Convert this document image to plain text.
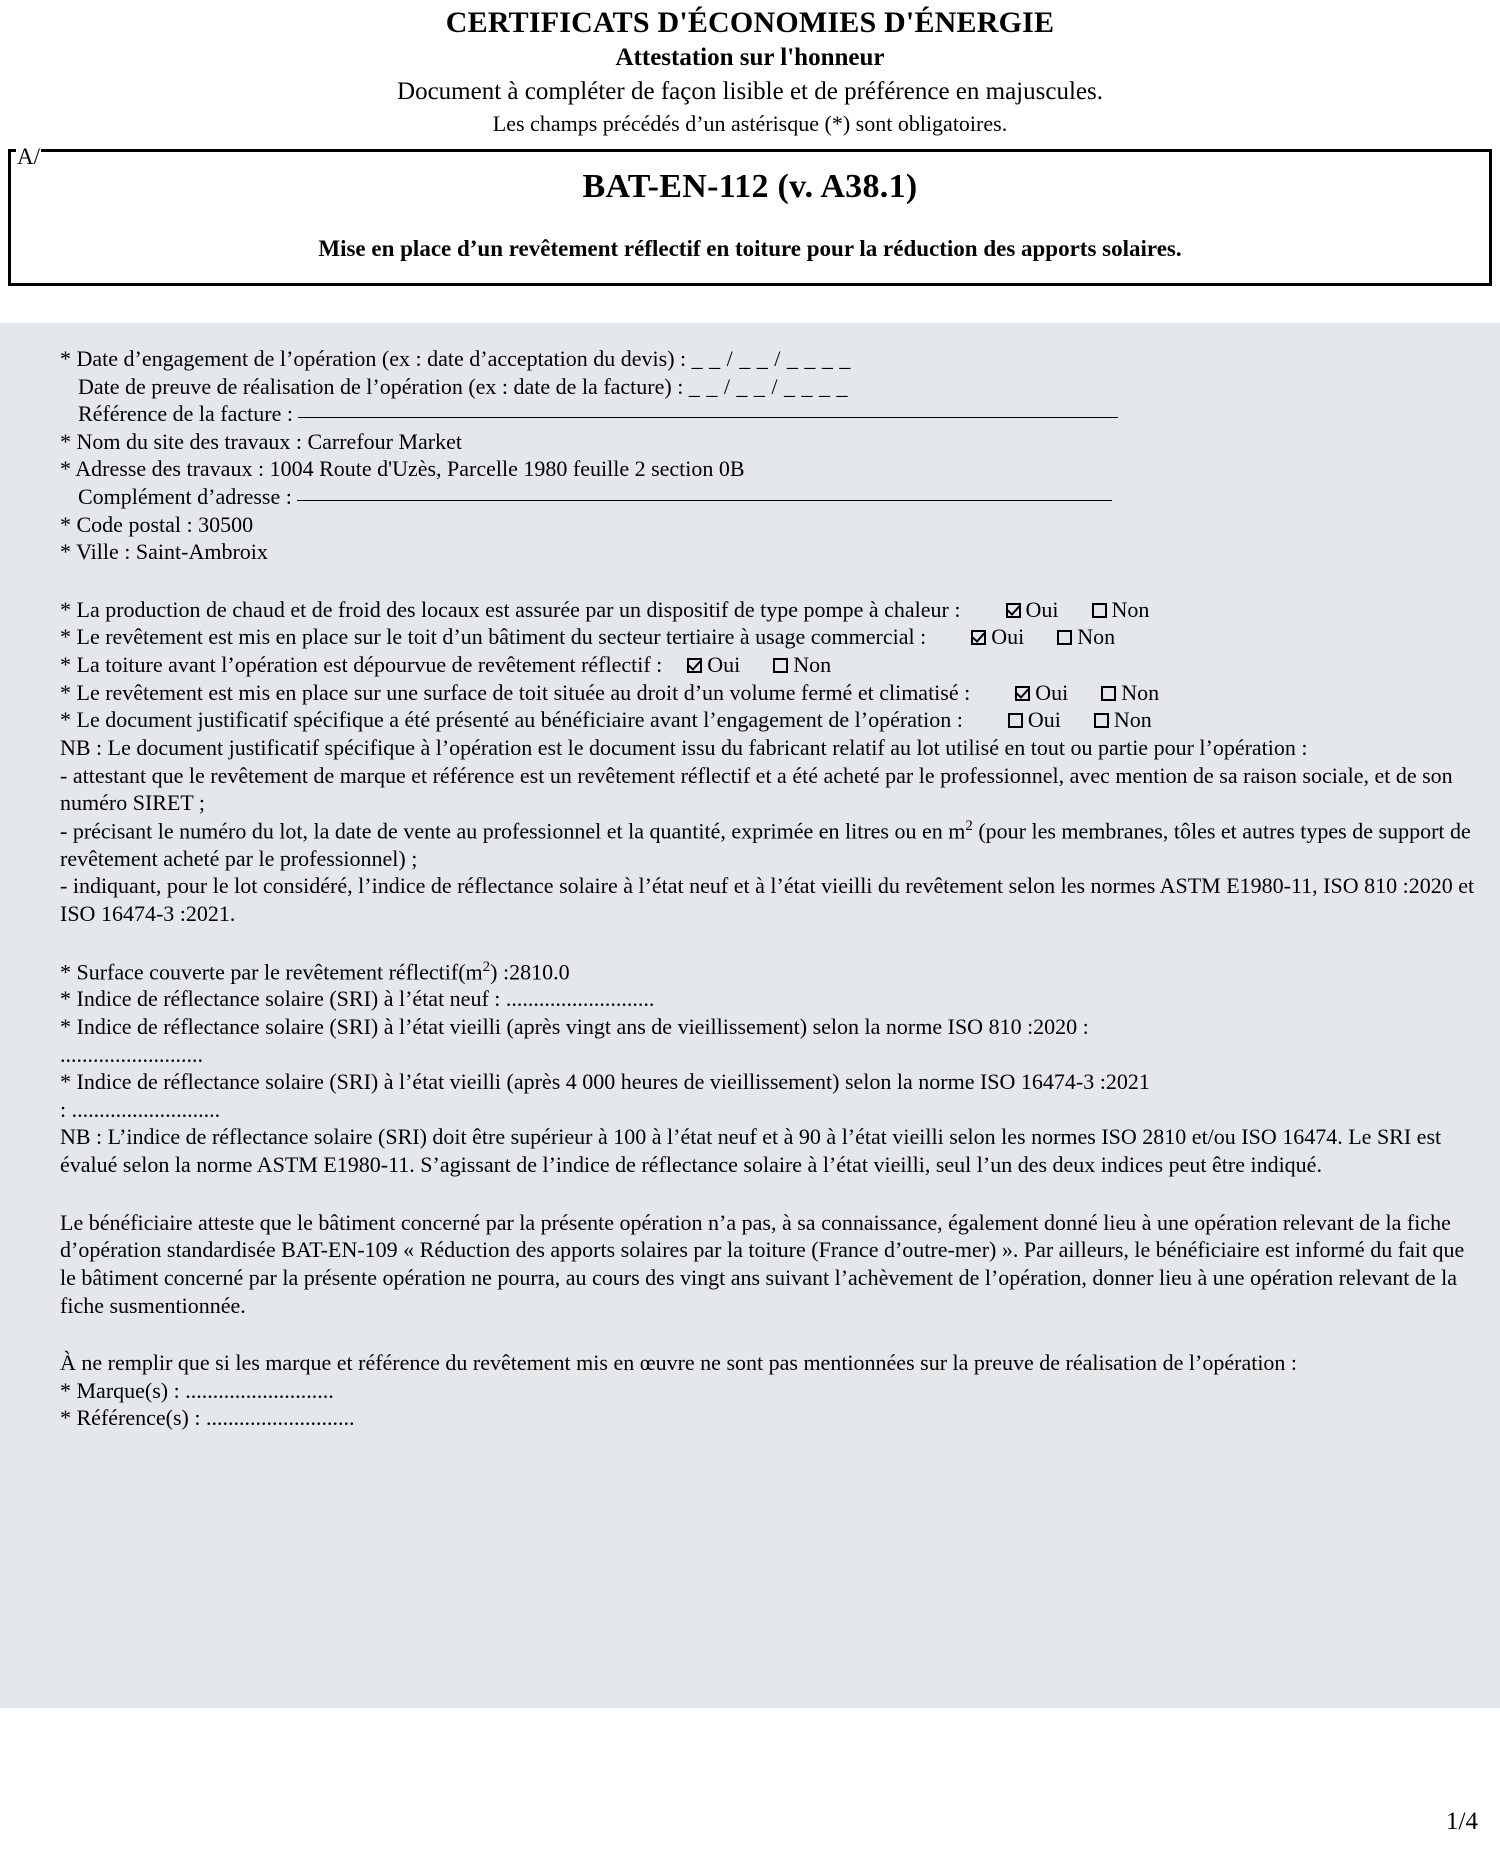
CERTIFICATS D'ÉCONOMIES D'ÉNERGIE
Attestation sur l'honneur
Document à compléter de façon lisible et de préférence en majuscules.
Les champs précédés d’un astérisque (*) sont obligatoires.
A/
BAT-EN-112 (v. A38.1)
Mise en place d’un revêtement réflectif en toiture pour la réduction des apports solaires.
* Date d’engagement de l’opération (ex : date d’acceptation du devis) : _ _ / _ _ / _ _ _ _
Date de preuve de réalisation de l’opération (ex : date de la facture) : _ _ / _ _ / _ _ _ _
Référence de la facture :
* Nom du site des travaux : Carrefour Market
* Adresse des travaux : 1004 Route d'Uzès, Parcelle 1980 feuille 2 section 0B
Complément d’adresse :
* Code postal : 30500
* Ville : Saint-Ambroix
* La production de chaud et de froid des locaux est assurée par un dispositif de type pompe à chaleur :	Oui Non
* Le revêtement est mis en place sur le toit d’un bâtiment du secteur tertiaire à usage commercial :	Oui Non
* La toiture avant l’opération est dépourvue de revêtement réflectif : Oui Non
* Le revêtement est mis en place sur une surface de toit située au droit d’un volume fermé et climatisé :	Oui Non
* Le document justificatif spécifique a été présenté au bénéficiaire avant l’engagement de l’opération :	Oui Non
NB : Le document justificatif spécifique à l’opération est le document issu du fabricant relatif au lot utilisé en tout ou partie pour l’opération :
- attestant que le revêtement de marque et référence est un revêtement réflectif et a été acheté par le professionnel, avec mention de sa raison sociale, et de son numéro SIRET ;
- précisant le numéro du lot, la date de vente au professionnel et la quantité, exprimée en litres ou en $m^2$ (pour les membranes, tôles et autres types de support de revêtement acheté par le professionnel) ;
- indiquant, pour le lot considéré, l’indice de réflectance solaire à l’état neuf et à l’état vieilli du revêtement selon les normes ASTM E1980-11, ISO 810 :2020 et ISO 16474-3 :2021.
* Surface couverte par le revêtement $réflectif(m^2)$ :2810.0
* Indice de réflectance solaire (SRI) à l’état neuf : ...........................
* Indice de réflectance solaire (SRI) à l’état vieilli (après vingt ans de vieillissement) selon la norme ISO 810 :2020 :
..........................
* Indice de réflectance solaire (SRI) à l’état vieilli (après 4 000 heures de vieillissement) selon la norme ISO 16474-3 :2021
: ...........................
NB : L’indice de réflectance solaire (SRI) doit être supérieur à 100 à l’état neuf et à 90 à l’état vieilli selon les normes ISO 2810 et/ou ISO 16474. Le SRI est évalué selon la norme ASTM E1980-11. S’agissant de l’indice de réflectance solaire à l’état vieilli, seul l’un des deux indices peut être indiqué.
Le bénéficiaire atteste que le bâtiment concerné par la présente opération n’a pas, à sa connaissance, également donné lieu à une opération relevant de la fiche d’opération standardisée BAT-EN-109 « Réduction des apports solaires par la toiture (France d’outre-mer) ». Par ailleurs, le bénéficiaire est informé du fait que le bâtiment concerné par la présente opération ne pourra, au cours des vingt ans suivant l’achèvement de l’opération, donner lieu à une opération relevant de la fiche susmentionnée.
À ne remplir que si les marque et référence du revêtement mis en œuvre ne sont pas mentionnées sur la preuve de réalisation de l’opération :
* Marque(s) : ...........................
* Référence(s) : ...........................
1/4
